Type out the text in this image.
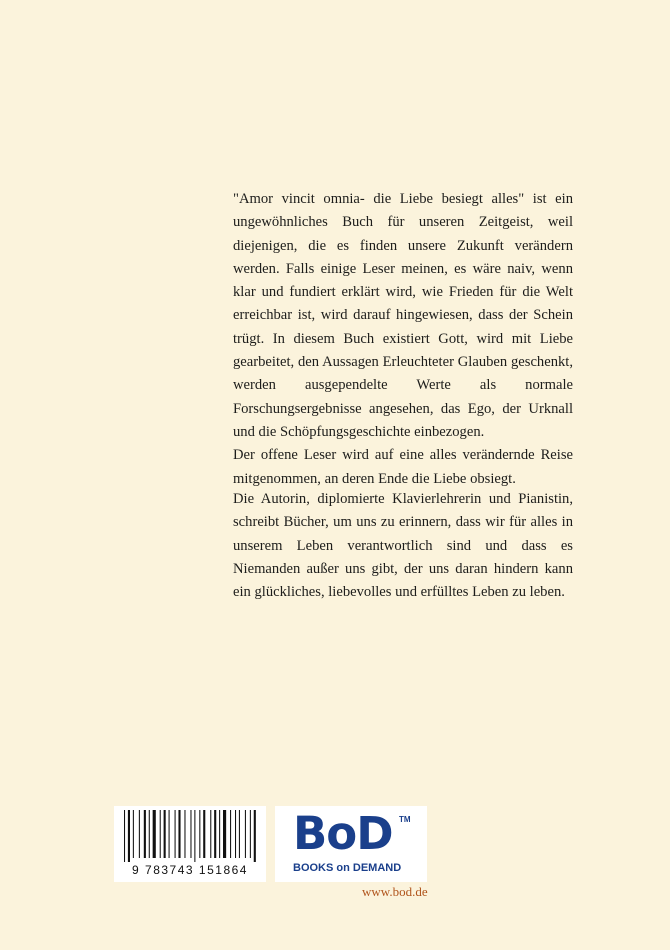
"Amor vincit omnia- die Liebe besiegt alles" ist ein ungewöhnliches Buch für unseren Zeitgeist, weil diejenigen, die es finden unsere Zukunft verändern werden. Falls einige Leser meinen, es wäre naiv, wenn klar und fundiert erklärt wird, wie Frieden für die Welt erreichbar ist, wird darauf hingewiesen, dass der Schein trügt. In diesem Buch existiert Gott, wird mit Liebe gearbeitet, den Aussagen Erleuchteter Glauben geschenkt, werden ausgependelte Werte als normale Forschungsergebnisse angesehen, das Ego, der Urknall und die Schöpfungsgeschichte einbezogen.

Der offene Leser wird auf eine alles verändernde Reise mitgenommen, an deren Ende die Liebe obsiegt.

Die Autorin, diplomierte Klavierlehrerin und Pianistin, schreibt Bücher, um uns zu erinnern, dass wir für alles in unserem Leben verantwortlich sind und dass es Niemanden außer uns gibt, der uns daran hindern kann ein glückliches, liebevolles und erfülltes Leben zu leben.

9 783743 151864
BoD TM
BOOKS on DEMAND
www.bod.de
